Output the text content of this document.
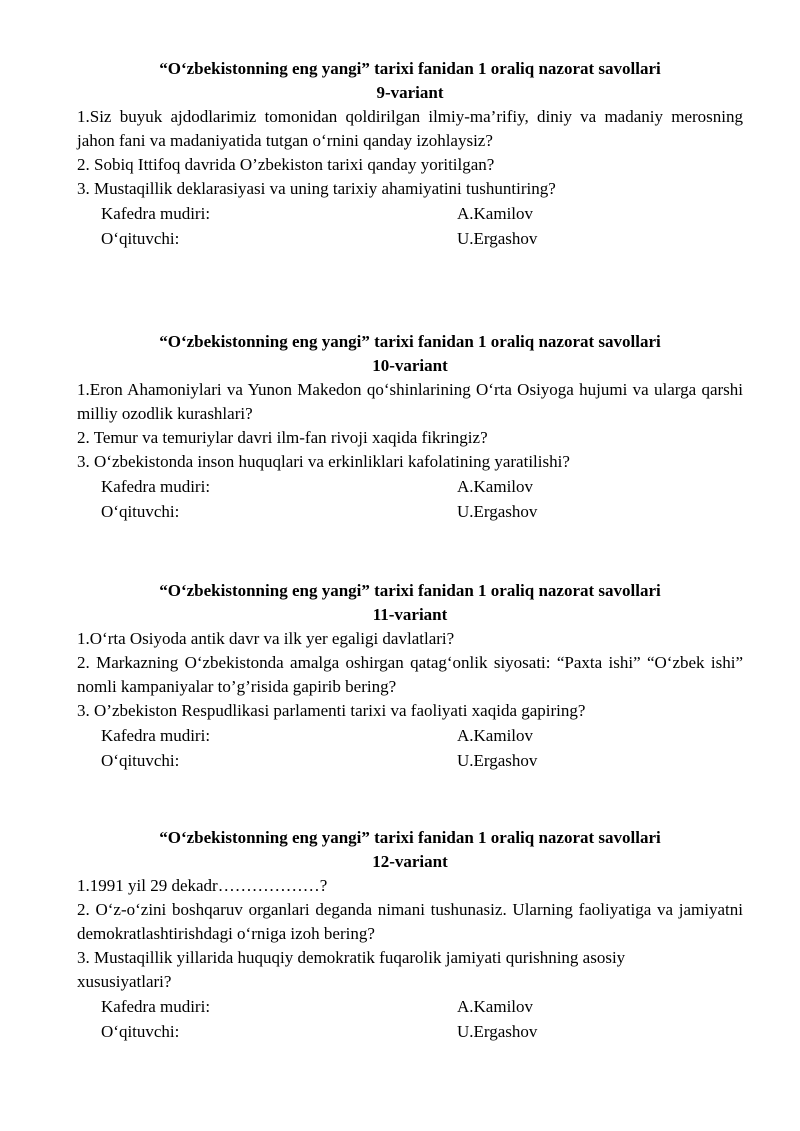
“O‘zbekistonning eng yangi” tarixi fanidan 1 oraliq nazorat savollari
9-variant
1.Siz buyuk ajdodlarimiz tomonidan qoldirilgan ilmiy-ma’rifiy, diniy va madaniy merosning jahon fani va madaniyatida tutgan o‘rnini qanday izohlaysiz?
2. Sobiq Ittifoq davrida O’zbekiston tarixi qanday yoritilgan?
3. Mustaqillik deklarasiyasi va uning tarixiy ahamiyatini tushuntiring?
Kafedra mudiri:	A.Kamilov
O‘qituvchi:	U.Ergashov
“O‘zbekistonning eng yangi” tarixi fanidan 1 oraliq nazorat savollari
10-variant
1.Eron Ahamoniylari va Yunon Makedon qo‘shinlarining O‘rta Osiyoga hujumi va ularga qarshi milliy ozodlik kurashlari?
2. Temur va temuriylar davri ilm-fan rivoji xaqida fikringiz?
3. O‘zbekistonda inson huquqlari va erkinliklari kafolatining yaratilishi?
Kafedra mudiri:	A.Kamilov
O‘qituvchi:	U.Ergashov
“O‘zbekistonning eng yangi” tarixi fanidan 1 oraliq nazorat savollari
11-variant
1.O‘rta Osiyoda antik davr va ilk yer egaligi davlatlari?
2. Markazning O‘zbekistonda amalga oshirgan qatag‘onlik siyosati: “Paxta ishi” “O‘zbek ishi” nomli kampaniyalar to’g’risida gapirib bering?
3. O’zbekiston Respudlikasi parlamenti tarixi va faoliyati xaqida gapiring?
Kafedra mudiri:	A.Kamilov
O‘qituvchi:	U.Ergashov
“O‘zbekistonning eng yangi” tarixi fanidan 1 oraliq nazorat savollari
12-variant
1.1991 yil 29 dekadr………………?
2. O‘z-o‘zini boshqaruv organlari deganda nimani tushunasiz. Ularning faoliyatiga va jamiyatni demokratlashtirishdagi o‘rniga izoh bering?
3. Mustaqillik yillarida huquqiy demokratik fuqarolik jamiyati qurishning asosiy xususiyatlari?
Kafedra mudiri:	A.Kamilov
O‘qituvchi:	U.Ergashov
